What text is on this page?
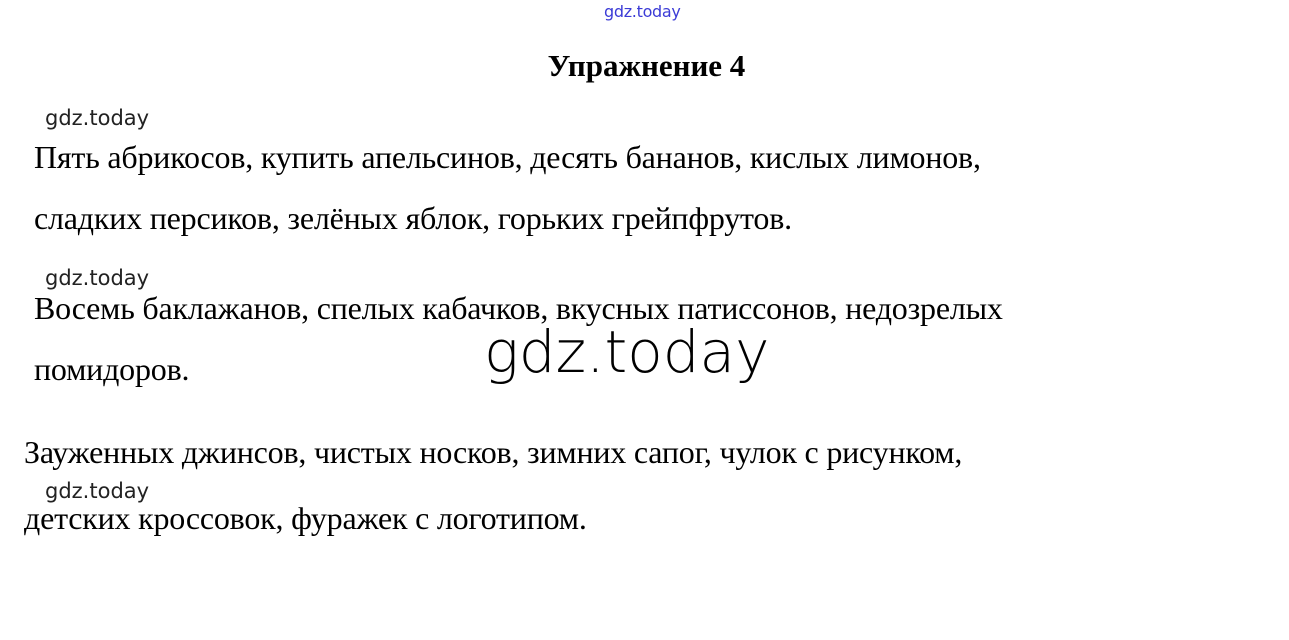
gdz.today
Упражнение 4
gdz.today
Пять абрикосов, купить апельсинов, десять бананов, кислых лимонов,
сладких персиков, зелёных яблок, горьких грейпфрутов.
gdz.today
Восемь баклажанов, спелых кабачков, вкусных патиссонов, недозрелых
помидоров.	gdz.today
Зауженных джинсов, чистых носков, зимних сапог, чулок с рисунком,
gdz.today
детских кроссовок, фуражек с логотипом.
